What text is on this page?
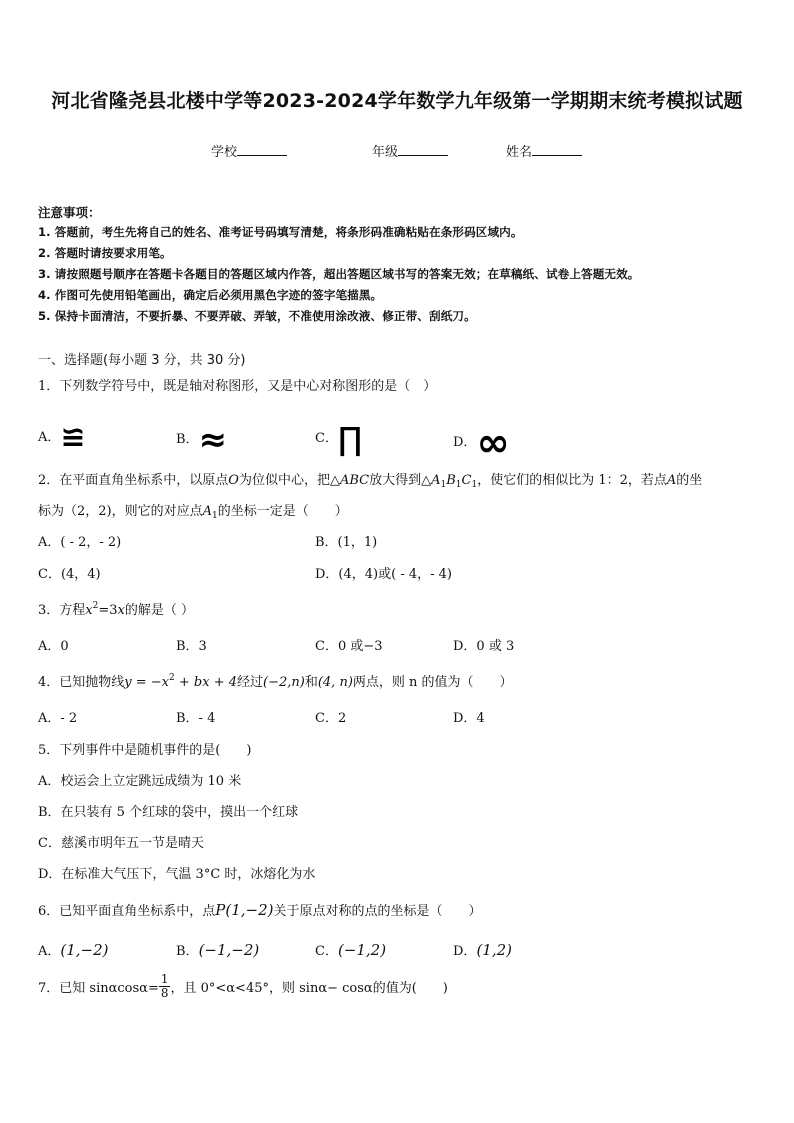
河北省隆尧县北楼中学等2023-2024学年数学九年级第一学期期末统考模拟试题
学校	年级	姓名
注意事项：
1. 答题前，考生先将自己的姓名、准考证号码填写清楚，将条形码准确粘贴在条形码区域内。
2. 答题时请按要求用笔。
3. 请按照题号顺序在答题卡各题目的答题区域内作答，超出答题区域书写的答案无效；在草稿纸、试卷上答题无效。
4. 作图可先使用铅笔画出，确定后必须用黑色字迹的签字笔描黑。
5. 保持卡面清洁，不要折暴、不要弄破、弄皱，不准使用涂改液、修正带、刮纸刀。
一、选择题(每小题 3 分，共 30 分)
1．下列数学符号中，既是轴对称图形，又是中心对称图形的是（　）
A．≌	B．≈	C．∏	D．∞
2．在平面直角坐标系中，以原点O为位似中心，把△ABC放大得到$\triangle A_1B_1C_1$，使它们的相似比为 1：2，若点A的坐
标为（2，2)，则它的对应点$A_1$的坐标一定是（　　）
A．( - 2，- 2)	B．(1，1)
C．(4，4)	D．(4，4)或( - 4，- 4)
3．方程$x^2=3x$的解是（ ）
A．0	B．3	C．0 或−3	D．0 或 3
4．已知抛物线$y = -x^2$ + bx + 4经过(−2,n)和(4, n)两点，则 n 的值为（　　）
A．- 2	B．- 4	C．2	D．4
5．下列事件中是随机事件的是(　　)
A．校运会上立定跳远成绩为 10 米
B．在只装有 5 个红球的袋中，摸出一个红球
C．慈溪市明年五一节是晴天
D．在标准大气压下，气温 3°C 时，冰熔化为水
6．已知平面直角坐标系中，点P(1,−2)关于原点对称的点的坐标是（　　）
A．(1,−2)	B．(−1,−2)	C．(−1,2)	D．(1,2)
7．已知 $\sin\alpha\cos\alpha= \frac{1}{8}$ ，且 0°<α<45°，则 sinα− cosα的值为(　　)
